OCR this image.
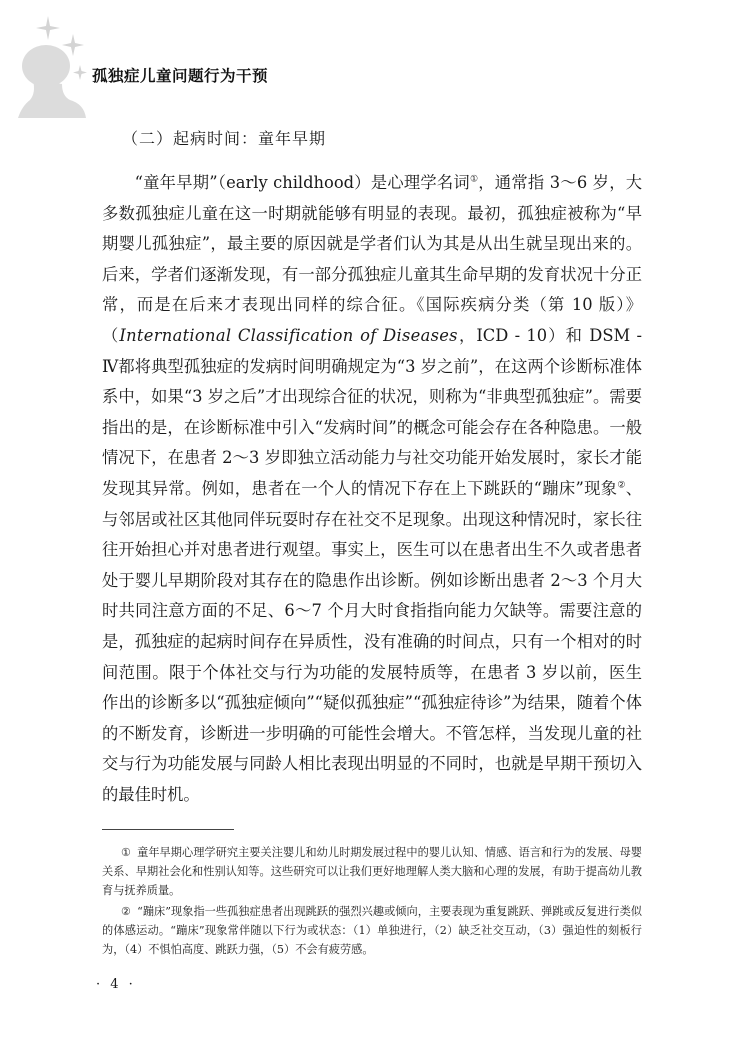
孤独症儿童问题行为干预
（二）起病时间：童年早期

“童年早期”（early childhood）是心理学名词①，通常指 3～6 岁，大多数孤独症儿童在这一时期就能够有明显的表现。最初，孤独症被称为“早期婴儿孤独症”，最主要的原因就是学者们认为其是从出生就呈现出来的。后来，学者们逐渐发现，有一部分孤独症儿童其生命早期的发育状况十分正常，而是在后来才表现出同样的综合征。《国际疾病分类（第 10 版）》（International Classification of Diseases，ICD - 10）和 DSM - Ⅳ都将典型孤独症的发病时间明确规定为“3 岁之前”，在这两个诊断标准体系中，如果“3 岁之后”才出现综合征的状况，则称为“非典型孤独症”。需要指出的是，在诊断标准中引入“发病时间”的概念可能会存在各种隐患。一般情况下，在患者 2～3 岁即独立活动能力与社交功能开始发展时，家长才能发现其异常。例如，患者在一个人的情况下存在上下跳跃的“蹦床”现象②、与邻居或社区其他同伴玩耍时存在社交不足现象。出现这种情况时，家长往往开始担心并对患者进行观望。事实上，医生可以在患者出生不久或者患者处于婴儿早期阶段对其存在的隐患作出诊断。例如诊断出患者 2～3 个月大时共同注意方面的不足、6～7 个月大时食指指向能力欠缺等。需要注意的是，孤独症的起病时间存在异质性，没有准确的时间点，只有一个相对的时间范围。限于个体社交与行为功能的发展特质等，在患者 3 岁以前，医生作出的诊断多以“孤独症倾向”“疑似孤独症”“孤独症待诊”为结果，随着个体的不断发育，诊断进一步明确的可能性会增大。不管怎样，当发现儿童的社交与行为功能发展与同龄人相比表现出明显的不同时，也就是早期干预切入的最佳时机。

① 童年早期心理学研究主要关注婴儿和幼儿时期发展过程中的婴儿认知、情感、语言和行为的发展、母婴关系、早期社会化和性别认知等。这些研究可以让我们更好地理解人类大脑和心理的发展，有助于提高幼儿教育与抚养质量。

② “蹦床”现象指一些孤独症患者出现跳跃的强烈兴趣或倾向，主要表现为重复跳跃、弹跳或反复进行类似的体感运动。“蹦床”现象常伴随以下行为或状态：（1）单独进行，（2）缺乏社交互动，（3）强迫性的刻板行为，（4）不惧怕高度、跳跃力强，（5）不会有疲劳感。

· 4 ·
